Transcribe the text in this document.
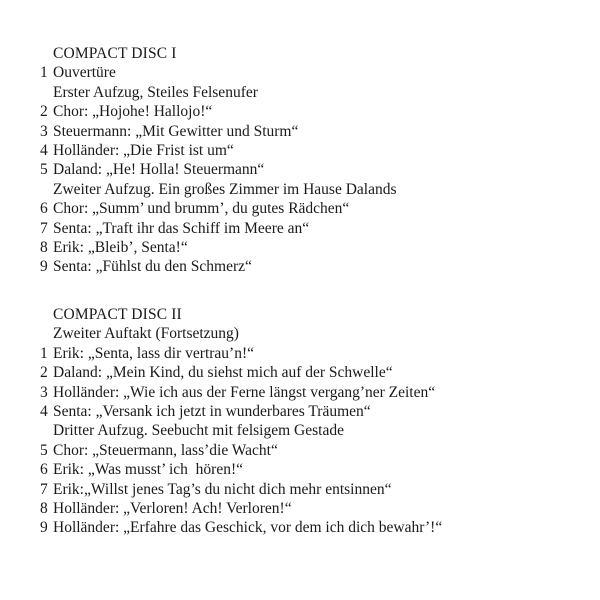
COMPACT DISC I
1 Ouvertüre
Erster Aufzug, Steiles Felsenufer
2 Chor: „Hojohe! Hallojo!“
3 Steuermann: „Mit Gewitter und Sturm“
4 Holländer: „Die Frist ist um“
5 Daland: „He! Holla! Steuermann“
Zweiter Aufzug. Ein großes Zimmer im Hause Dalands
6 Chor: „Summ’ und brumm’, du gutes Rädchen“
7 Senta: „Traft ihr das Schiff im Meere an“
8 Erik: „Bleib’, Senta!“
9 Senta: „Fühlst du den Schmerz“
COMPACT DISC II
Zweiter Auftakt (Fortsetzung)
1 Erik: „Senta, lass dir vertrau’n!“
2 Daland: „Mein Kind, du siehst mich auf der Schwelle“
3 Holländer: „Wie ich aus der Ferne längst vergang’ner Zeiten“
4 Senta: „Versank ich jetzt in wunderbares Träumen“
Dritter Aufzug. Seebucht mit felsigem Gestade
5 Chor: „Steuermann, lass’die Wacht“
6 Erik: „Was musst’ ich  hören!“
7 Erik:„Willst jenes Tag’s du nicht dich mehr entsinnen“
8 Holländer: „Verloren! Ach! Verloren!“
9 Holländer: „Erfahre das Geschick, vor dem ich dich bewahr’!“
